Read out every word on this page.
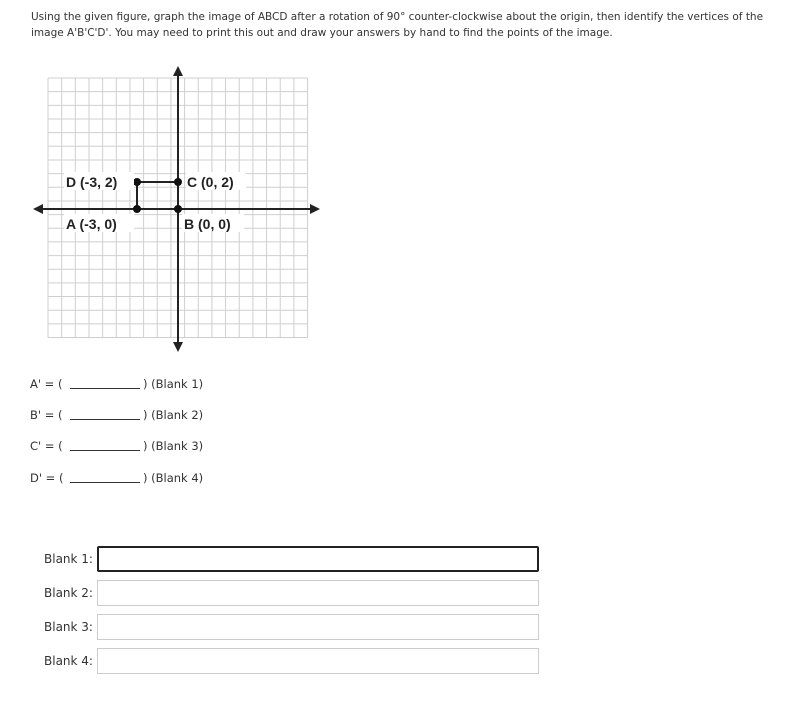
Using the given figure, graph the image of ABCD after a rotation of 90° counter-clockwise about the origin, then identify the vertices of the image A'B'C'D'. You may need to print this out and draw your answers by hand to find the points of the image.
D (-3, 2)	C (0, 2)
A (-3, 0)	B (0, 0)
A' = (	) (Blank 1)
B' = (	) (Blank 2)
C' = (	) (Blank 3)
D' = (	) (Blank 4)
Blank 1:
Blank 2:
Blank 3:
Blank 4:
